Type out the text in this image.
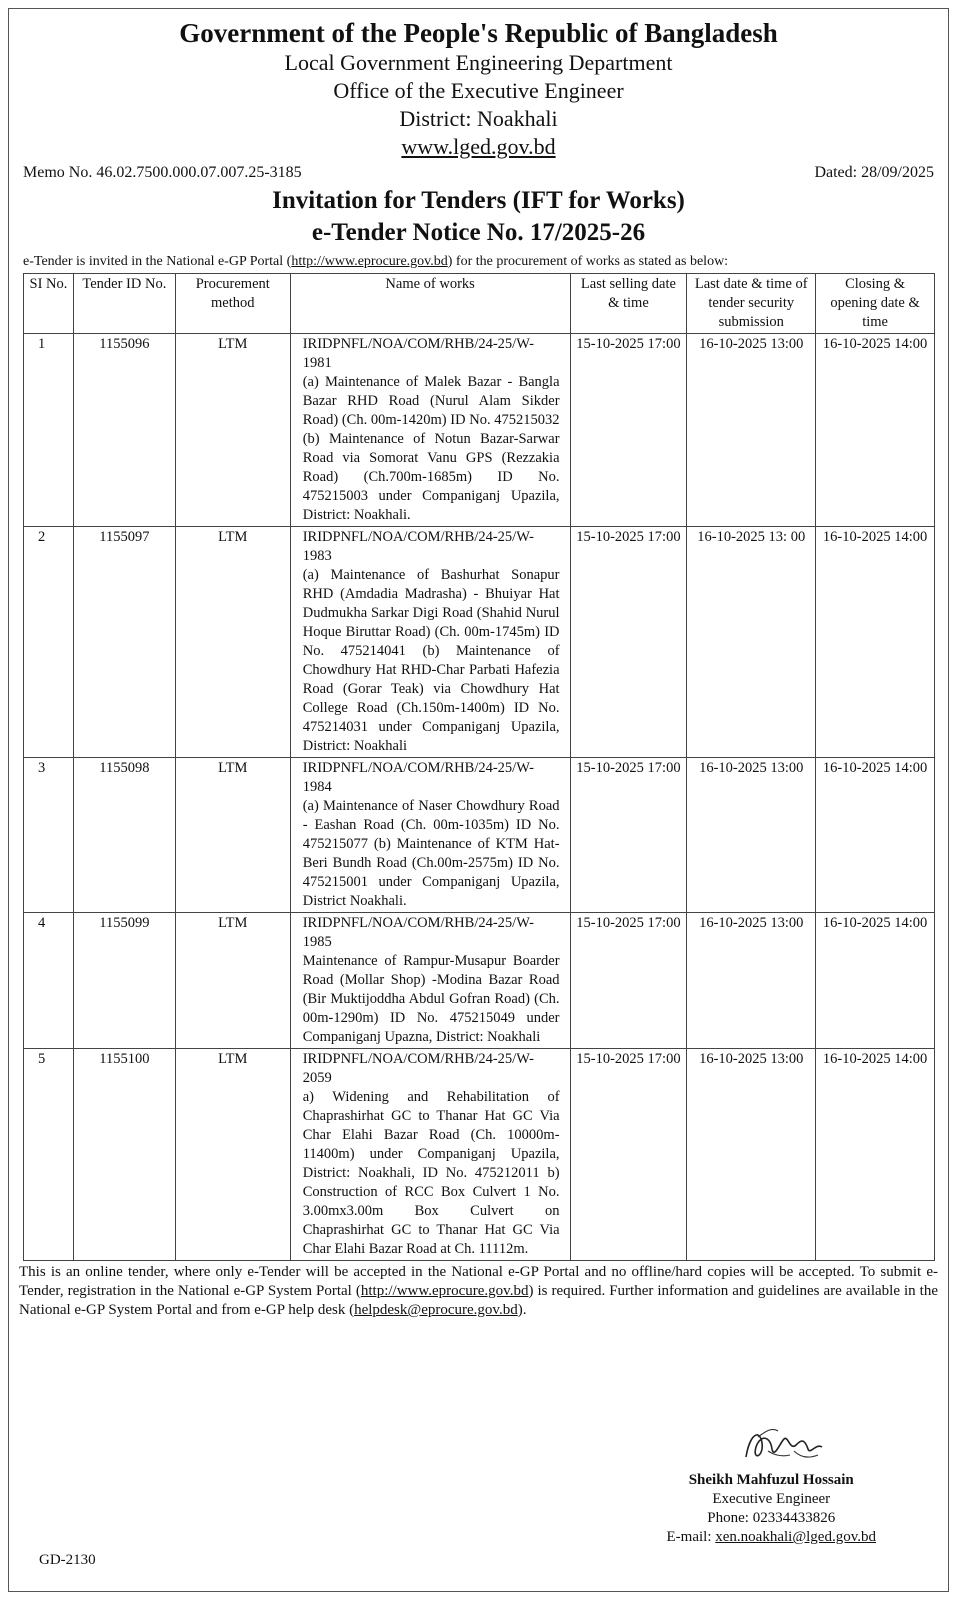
Government of the People's Republic of Bangladesh
Local Government Engineering Department
Office of the Executive Engineer
District: Noakhali
www.lged.gov.bd
Memo No. 46.02.7500.000.07.007.25-3185	Dated: 28/09/2025
Invitation for Tenders (IFT for Works)
e-Tender Notice No. 17/2025-26
e-Tender is invited in the National e-GP Portal (http://www.eprocure.gov.bd) for the procurement of works as stated as below:
SI No.	Tender ID No.	Procurement method	Name of works	Last selling date & time	Last date & time of tender security submission	Closing & opening date & time
1	1155096	LTM	IRIDPNFL/NOA/COM/RHB/24-25/W-1981
(a) Maintenance of Malek Bazar - Bangla Bazar RHD Road (Nurul Alam Sikder Road) (Ch. 00m-1420m) ID No. 475215032 (b) Maintenance of Notun Bazar-Sarwar Road via Somorat Vanu GPS (Rezzakia Road) (Ch.700m-1685m) ID No. 475215003 under Companiganj Upazila, District: Noakhali.	15-10-2025 17:00	16-10-2025 13:00	16-10-2025 14:00
2	1155097	LTM	IRIDPNFL/NOA/COM/RHB/24-25/W-1983
(a) Maintenance of Bashurhat Sonapur RHD (Amdadia Madrasha) - Bhuiyar Hat Dudmukha Sarkar Digi Road (Shahid Nurul Hoque Biruttar Road) (Ch. 00m-1745m) ID No. 475214041 (b) Maintenance of Chowdhury Hat RHD-Char Parbati Hafezia Road (Gorar Teak) via Chowdhury Hat College Road (Ch.150m-1400m) ID No. 475214031 under Companiganj Upazila, District: Noakhali	15-10-2025 17:00	16-10-2025 13: 00	16-10-2025 14:00
3	1155098	LTM	IRIDPNFL/NOA/COM/RHB/24-25/W-1984
(a) Maintenance of Naser Chowdhury Road - Eashan Road (Ch. 00m-1035m) ID No. 475215077 (b) Maintenance of KTM Hat-Beri Bundh Road (Ch.00m-2575m) ID No. 475215001 under Companiganj Upazila, District Noakhali.	15-10-2025 17:00	16-10-2025 13:00	16-10-2025 14:00
4	1155099	LTM	IRIDPNFL/NOA/COM/RHB/24-25/W-1985
Maintenance of Rampur-Musapur Boarder Road (Mollar Shop) -Modina Bazar Road (Bir Muktijoddha Abdul Gofran Road) (Ch. 00m-1290m) ID No. 475215049 under Companiganj Upazna, District: Noakhali	15-10-2025 17:00	16-10-2025 13:00	16-10-2025 14:00
5	1155100	LTM	IRIDPNFL/NOA/COM/RHB/24-25/W-2059
a) Widening and Rehabilitation of Chaprashirhat GC to Thanar Hat GC Via Char Elahi Bazar Road (Ch. 10000m-11400m) under Companiganj Upazila, District: Noakhali, ID No. 475212011 b) Construction of RCC Box Culvert 1 No. 3.00mx3.00m Box Culvert on Chaprashirhat GC to Thanar Hat GC Via Char Elahi Bazar Road at Ch. 11112m.	15-10-2025 17:00	16-10-2025 13:00	16-10-2025 14:00
This is an online tender, where only e-Tender will be accepted in the National e-GP Portal and no offline/hard copies will be accepted. To submit e-Tender, registration in the National e-GP System Portal (http://www.eprocure.gov.bd) is required. Further information and guidelines are available in the National e-GP System Portal and from e-GP help desk (helpdesk@eprocure.gov.bd).
Sheikh Mahfuzul Hossain
Executive Engineer
Phone: 02334433826
E-mail: xen.noakhali@lged.gov.bd
GD-2130
